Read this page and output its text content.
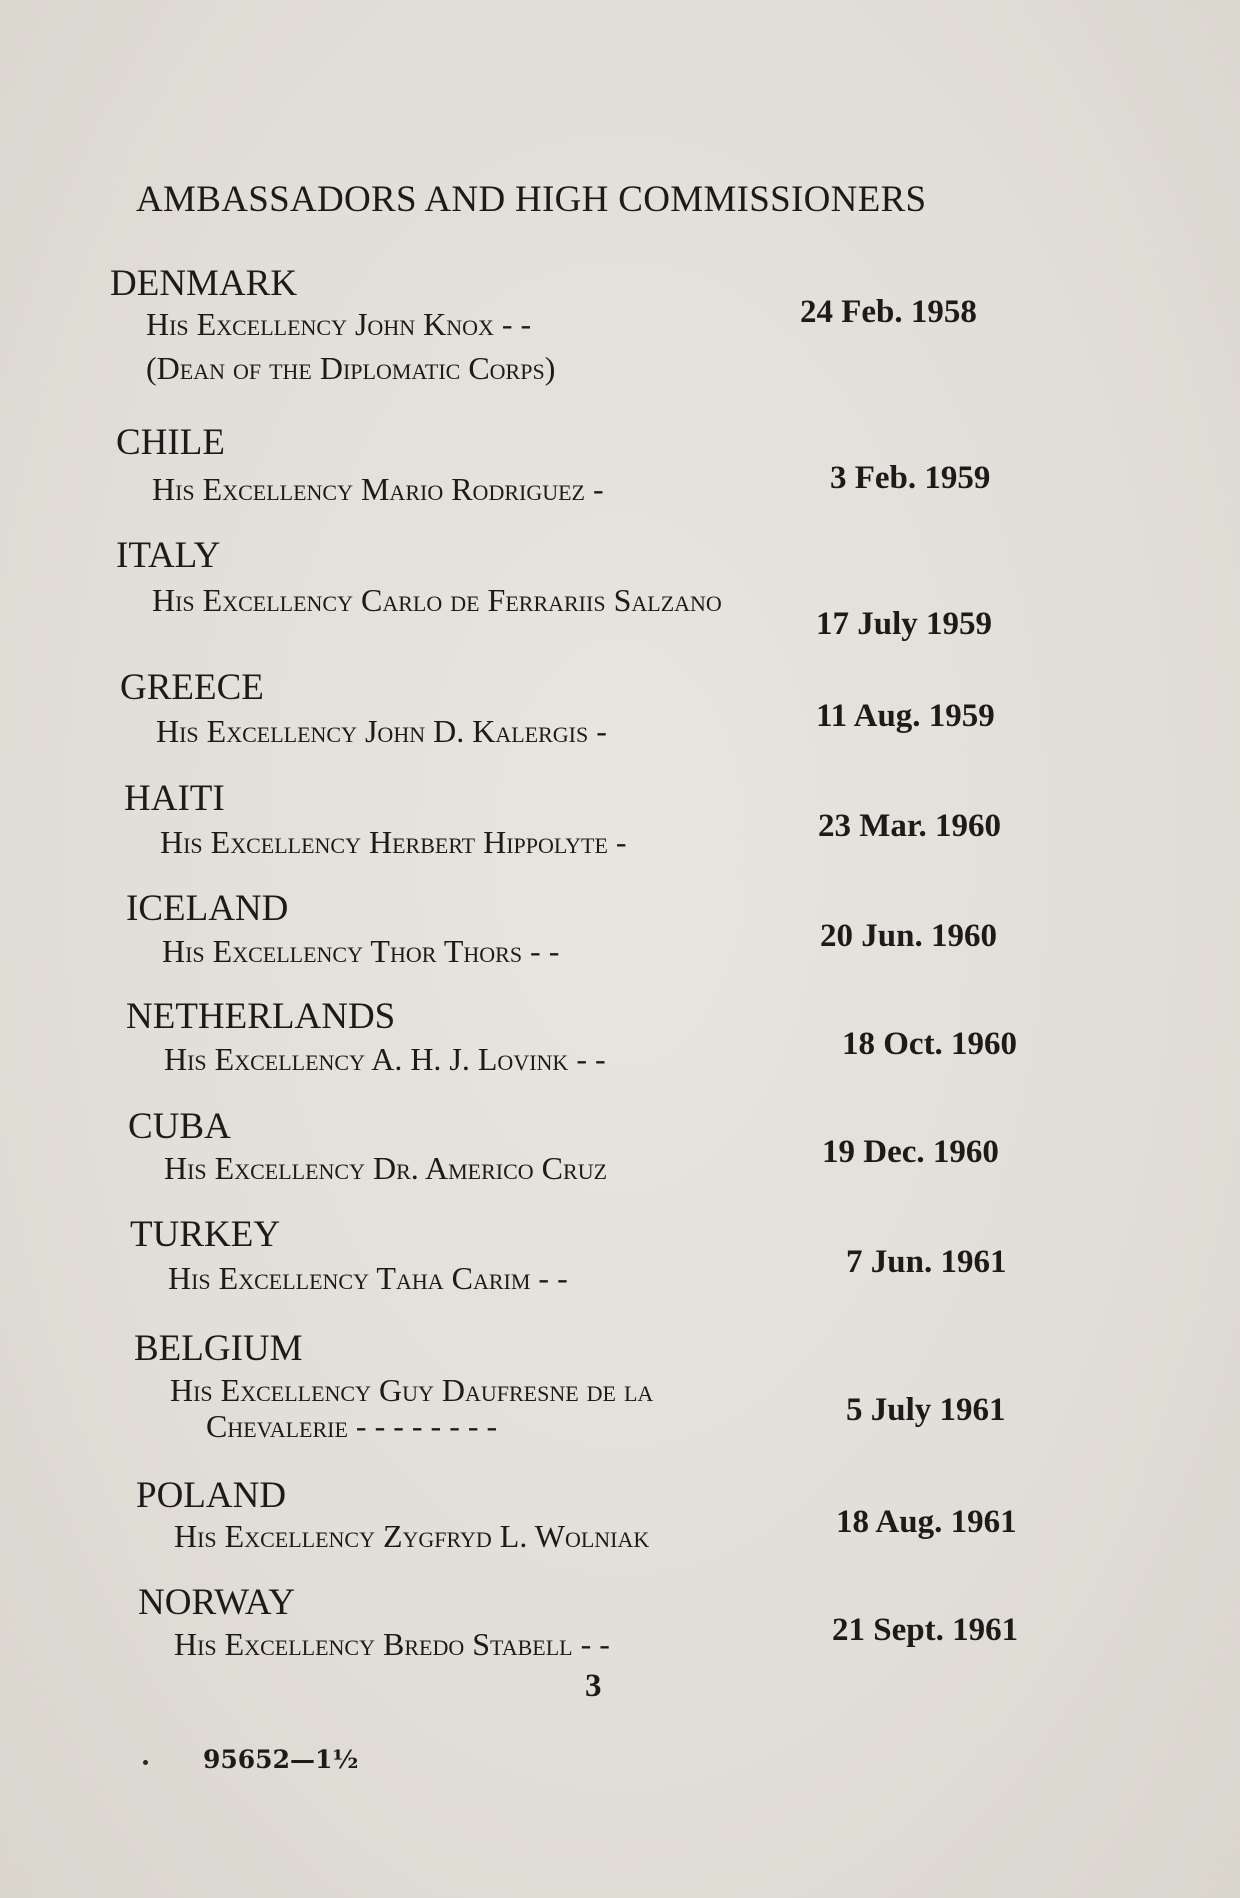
AMBASSADORS AND HIGH COMMISSIONERS
DENMARK
His Excellency John Knox - -	24 Feb. 1958
(Dean of the Diplomatic Corps)
CHILE
His Excellency Mario Rodriguez -	3 Feb. 1959
ITALY
His Excellency Carlo de Ferrariis Salzano
17 July 1959
GREECE
His Excellency John D. Kalergis -	11 Aug. 1959
HAITI
His Excellency Herbert Hippolyte -	23 Mar. 1960
ICELAND
His Excellency Thor Thors - -	20 Jun. 1960
NETHERLANDS
His Excellency A. H. J. Lovink - -	18 Oct. 1960
CUBA
His Excellency Dr. Americo Cruz	19 Dec. 1960
TURKEY
His Excellency Taha Carim - -	7 Jun. 1961
BELGIUM
His Excellency Guy Daufresne de la
Chevalerie - - - - - - - -	5 July 1961
POLAND
His Excellency Zygfryd L. Wolniak	18 Aug. 1961
NORWAY
His Excellency Bredo Stabell - -	21 Sept. 1961
3
95652—1½
